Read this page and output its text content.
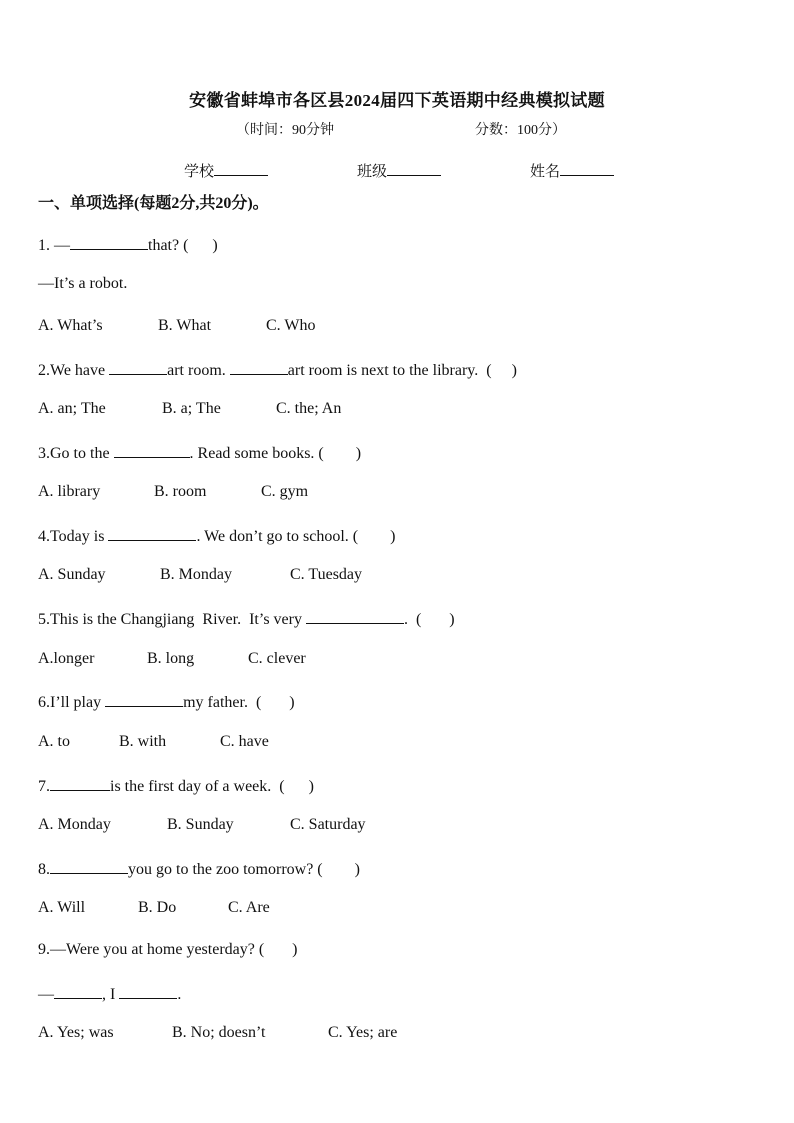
安徽省蚌埠市各区县2024届四下英语期中经典模拟试题
（时间：90分钟	分数：100分）
学校	班级	姓名
一、单项选择(每题2分,共20分)。
1. —	that? (      )
—It’s a robot.
A. What’s	B. What	C. Who
2.We have	art room.	art room is next to the library.  (     )
A. an; The	B. a; The	C. the; An
3.Go to the	. Read some books. (        )
A. library	B. room	C. gym
4.Today is	. We don’t go to school. (        )
A. Sunday	B. Monday	C. Tuesday
5.This is the Changjiang  River.  It’s very	.  (       )
A.longer	B. long	C. clever
6.I’ll play	my father.  (       )
A. to	B. with	C. have
7.	is the first day of a week.  (      )
A. Monday	B. Sunday	C. Saturday
8.	you go to the zoo tomorrow? (        )
A. Will	B. Do	C. Are
9.—Were you at home yesterday? (       )
—	, I	.
A. Yes; was	B. No; doesn’t	C. Yes; are
